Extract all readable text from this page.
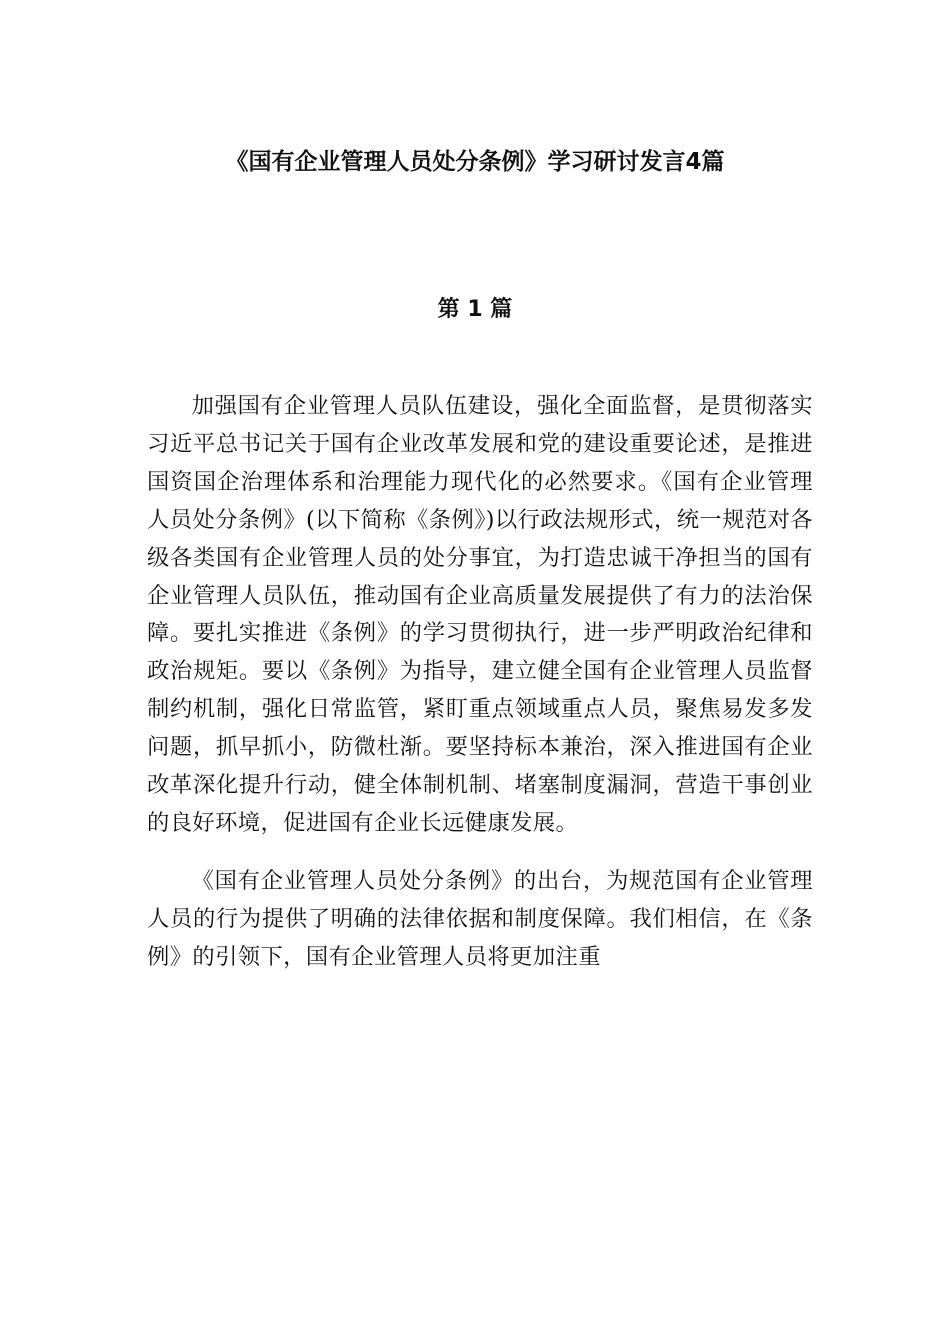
《国有企业管理人员处分条例》学习研讨发言4篇
第 1 篇

加强国有企业管理人员队伍建设，强化全面监督，是贯彻落实习近平总书记关于国有企业改革发展和党的建设重要论述，是推进国资国企治理体系和治理能力现代化的必然要求。《国有企业管理人员处分条例》(以下简称《条例》)以行政法规形式，统一规范对各级各类国有企业管理人员的处分事宜，为打造忠诚干净担当的国有企业管理人员队伍，推动国有企业高质量发展提供了有力的法治保障。要扎实推进《条例》的学习贯彻执行，进一步严明政治纪律和政治规矩。要以《条例》为指导，建立健全国有企业管理人员监督制约机制，强化日常监管，紧盯重点领域重点人员，聚焦易发多发问题，抓早抓小，防微杜渐。要坚持标本兼治，深入推进国有企业改革深化提升行动，健全体制机制、堵塞制度漏洞，营造干事创业的良好环境，促进国有企业长远健康发展。

《国有企业管理人员处分条例》的出台，为规范国有企业管理人员的行为提供了明确的法律依据和制度保障。我们相信，在《条例》的引领下，国有企业管理人员将更加注重
